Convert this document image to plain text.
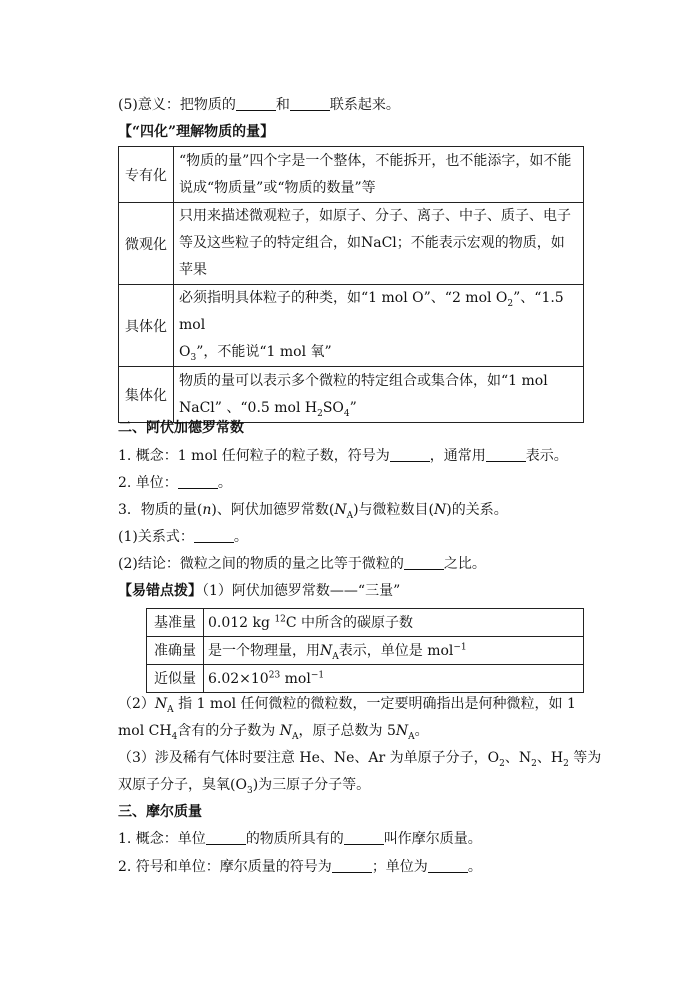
(5)意义：把物质的	和	联系起来。
【“四化”理解物质的量】
专有化	“物质的量”四个字是一个整体，不能拆开，也不能添字，如不能
说成“物质量”或“物质的数量”等

微观化	只用来描述微观粒子，如原子、分子、离子、中子、质子、电子
等及这些粒子的特定组合，如NaCl；不能表示宏观的物质，如
苹果

具体化	必须指明具体粒子的种类，如“1 mol O”、“2 mol $O_2$”、“1.5 mol
$O_3$”，不能说“1 mol 氧”

集体化	物质的量可以表示多个微粒的特定组合或集合体，如“1 mol
NaCl” 、“0.5 mol $H_2SO_4$”
二、阿伏加德罗常数
1. 概念：1 mol 任何粒子的粒子数，符号为	，通常用	表示。
2. 单位：	。
3．物质的量(n)、阿伏加德罗常数$(N_A)$与微粒数目(N)的关系。
(1)关系式：	。
(2)结论：微粒之间的物质的量之比等于微粒的	之比。
【易错点拨】（1）阿伏加德罗常数——“三量”
基准量	0.012 kg $^{12}$C 中所含的碳原子数
准确量	是一个物理量，用$N_A$表示，单位是 mol$^{-1}$
近似量	$6.02\times 10^{23}$ mol$^{-1}$
$(2)N_A$ 指 1 mol 任何微粒的微粒数，一定要明确指出是何种微粒，如 1
mol $CH_4$含有的分子数为 $N_A$，原子总数为 $5N_A$。
（3）涉及稀有气体时要注意 He、Ne、Ar 为单原子分子，$O_2$、$N_2$、$H_2$ 等为
双原子分子，臭氧$(O_3)$为三原子分子等。
三、摩尔质量
1. 概念：单位	的物质所具有的	叫作摩尔质量。
2. 符号和单位：摩尔质量的符号为	；单位为	。
